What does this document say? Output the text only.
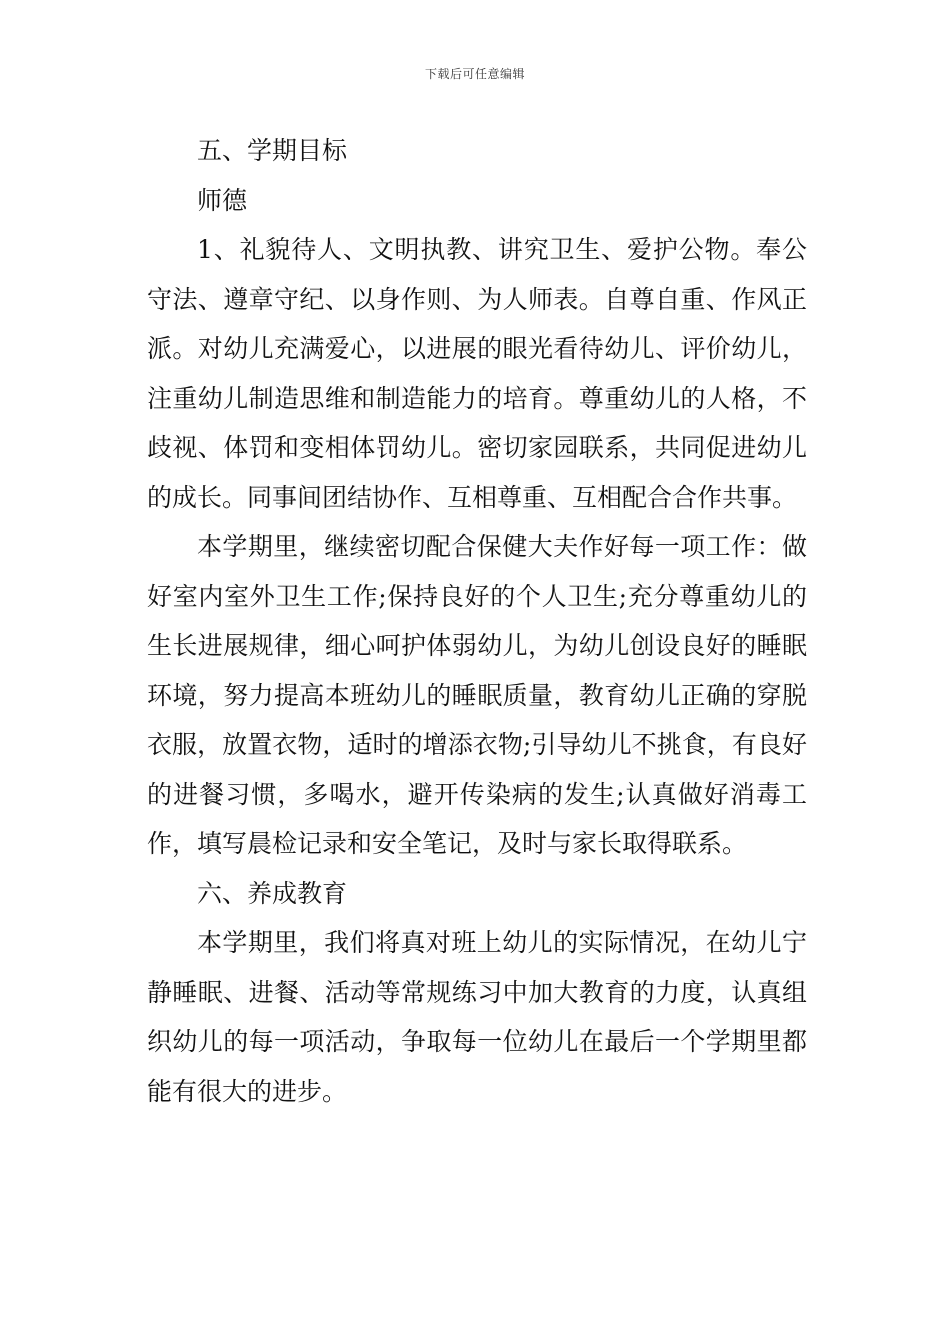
下载后可任意编辑

五、学期目标

师德

1、礼貌待人、文明执教、讲究卫生、爱护公物。奉公守法、遵章守纪、以身作则、为人师表。自尊自重、作风正派。对幼儿充满爱心，以进展的眼光看待幼儿、评价幼儿，注重幼儿制造思维和制造能力的培育。尊重幼儿的人格，不歧视、体罚和变相体罚幼儿。密切家园联系，共同促进幼儿的成长。同事间团结协作、互相尊重、互相配合合作共事。

本学期里，继续密切配合保健大夫作好每一项工作：做好室内室外卫生工作;保持良好的个人卫生;充分尊重幼儿的生长进展规律，细心呵护体弱幼儿，为幼儿创设良好的睡眠环境，努力提高本班幼儿的睡眠质量，教育幼儿正确的穿脱衣服，放置衣物，适时的增添衣物;引导幼儿不挑食，有良好的进餐习惯，多喝水，避开传染病的发生;认真做好消毒工作，填写晨检记录和安全笔记，及时与家长取得联系。

六、养成教育

本学期里，我们将真对班上幼儿的实际情况，在幼儿宁静睡眠、进餐、活动等常规练习中加大教育的力度，认真组织幼儿的每一项活动，争取每一位幼儿在最后一个学期里都能有很大的进步。
